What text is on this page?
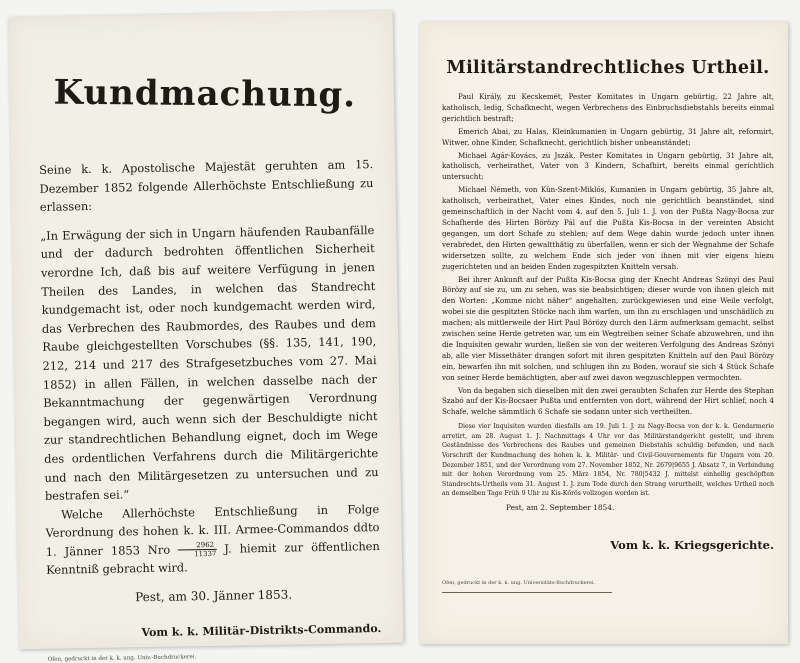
Kundmachung.

Seine k. k. Apostolische Majestät geruhten am 15. Dezember 1852 folgende Allerhöchste Entschließung zu erlassen:

„In Erwägung der sich in Ungarn häufenden Raubanfälle und der dadurch bedrohten öffentlichen Sicherheit verordne Ich, daß bis auf weitere Verfügung in jenen Theilen des Landes, in welchen das Standrecht kundgemacht ist, oder noch kundgemacht werden wird, das Verbrechen des Raubmordes, des Raubes und dem Raube gleichgestellten Vorschubes (§§. 135, 141, 190, 212, 214 und 217 des Strafgesetzbuches vom 27. Mai 1852) in allen Fällen, in welchen dasselbe nach der Bekanntmachung der gegenwärtigen Verordnung begangen wird, auch wenn sich der Beschuldigte nicht zur standrechtlichen Behandlung eignet, doch im Wege des ordentlichen Verfahrens durch die Militärgerichte und nach den Militärgesetzen zu untersuchen und zu bestrafen sei.“

Welche Allerhöchste Entschließung in Folge Verordnung des hohen k. k. III. Armee-Commandos ddto 1. Jänner 1853 Nro $\frac{2962}{11337} J$. hiemit zur öffentlichen Kenntniß gebracht wird.

Pest, am 30. Jänner 1853.
Vom k. k. Militär-Distrikts-Commando.
Ofen, gedruckt in der k. k. ung. Univ.-Buchdruckerei.
Militärstandrechtliches Urtheil.

Paul Király, zu Kecskemét, Pester Komitates in Ungarn gebürtig, 22 Jahre alt, katholisch, ledig, Schafknecht, wegen Verbrechens des Einbruchsdiebstahls bereits einmal gerichtlich bestraft;

Emerich Abai, zu Halas, Kleinkumanien in Ungarn gebürtig, 31 Jahre alt, reformirt, Witwer, ohne Kinder, Schafknecht, gerichtlich bisher unbeanständet;

Michael Agár-Kovács, zu Jszák, Pester Komitates in Ungarn gebürtig, 31 Jahre alt, katholisch, verheirathet, Vater von 3 Kindern, Schafhirt, bereits einmal gerichtlich untersucht;

Michael Németh, von Kün-Szent-Miklós, Kumanien in Ungarn gebürtig, 35 Jahre alt, katholisch, verheirathet, Vater eines Kindes, noch nie gerichtlich beanständet, sind gemeinschaftlich in der Nacht vom 4. auf den 5. Juli 1. J. von der Pußta Nagy-Bocsa zur Schafherde des Hirten Börözy Pál auf die Pußta Kis-Bocsa in der vereinten Absicht gegangen, um dort Schafe zu stehlen; auf dem Wege dahin wurde jedoch unter ihnen verabredet, den Hirten gewaltthätig zu überfallen, wenn er sich der Wegnahme der Schafe widersetzen sollte, zu welchem Ende sich jeder von ihnen mit vier eigens hiezu zugerichteten und an beiden Enden zugespitzten Knitteln versah.

Bei ihrer Ankunft auf der Pußta Kis-Bocsa ging der Knecht Andreas Szönyi des Paul Börözy auf sie zu, um zu sehen, was sie beabsichtigen; dieser wurde von ihnen gleich mit den Worten: „Komme nicht näher“ angehalten, zurückgewiesen und eine Weile verfolgt, wobei sie die gespitzten Stöcke nach ihm warfen, um ihn zu erschlagen und unschädlich zu machen; als mittlerweile der Hirt Paul Börözy durch den Lärm aufmerksam gemacht, selbst zwischen seine Herde getreten war, um ein Wegtreiben seiner Schafe abzuwehren, und ihn die Inquisiten gewahr wurden, ließen sie von der weiteren Verfolgung des Andreas Szönyi ab, alle vier Missethäter drangen sofort mit ihren gespitzten Knitteln auf den Paul Börözy ein, bewarfen ihn mit solchen, und schlugen ihn zu Boden, worauf sie sich 4 Stück Schafe von seiner Herde bemächtigten, aber auf zwei davon wegzuschleppen vermochten.

Von da begaben sich dieselben mit den zwei geraubten Schafen zur Herde des Stephan Szabó auf der Kis-Bocsaer Pußta und entfernten von dort, während der Hirt schlief, noch 4 Schafe, welche sämmtlich 6 Schafe sie sodann unter sich vertheilten.

Diese vier Inquisiten wurden diesfalls am 19. Juli 1. J. zu Nagy-Bocsa von der k. k. Gendarmerie arretirt, am 28. August 1. J. Nachmittags 4 Uhr vor das Militärstandgericht gestellt, und ihrem Geständnisse des Verbrechens des Raubes und gemeinen Diebstahls schuldig befunden, und nach Vorschrift der Kundmachung des hohen k. k. Militär- und Civil-Gouvernements für Ungarn vom 20. Dezember 1851, und der Verordnung vom 27. November 1852, Nr. 2679|9655 J. Absatz 7, in Verbindung mit der hohen Verordnung vom 25. März 1854, Nr. 780|5432 J. mittelst einhellig geschöpften Standrechts-Urtheils vom 31. August 1. J. zum Tode durch den Strang verurtheilt, welches Urtheil noch an demselben Tage Früh 9 Uhr zu Kis-Kőrös vollzogen worden ist.

Pest, am 2. September 1854.
Vom k. k. Kriegsgerichte.
Ofen, gedruckt in der k. k. ung. Universitäts-Buchdruckerei.
